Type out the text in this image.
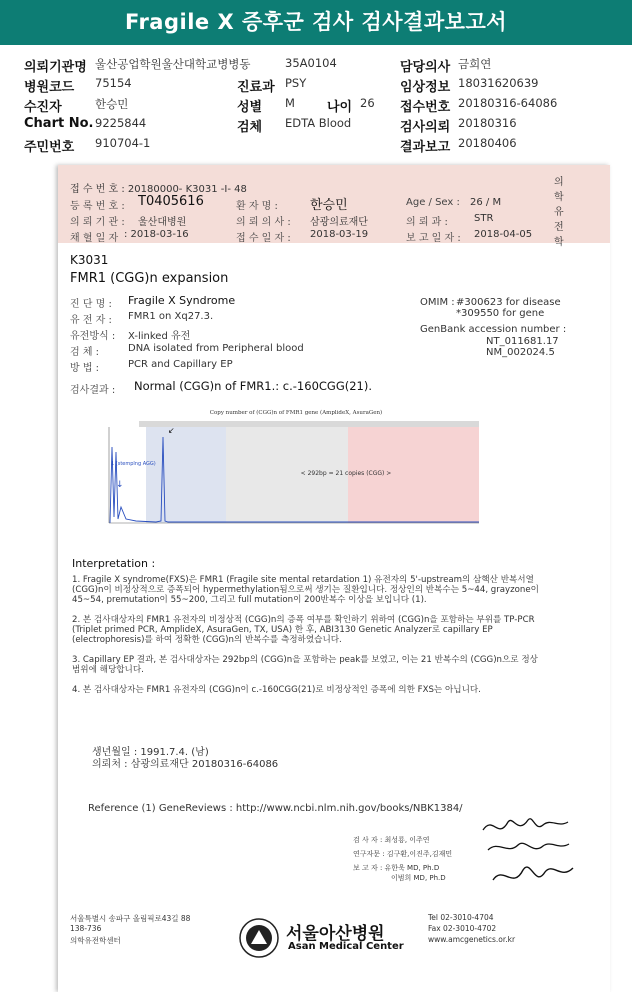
Fragile X 증후군 검사 검사결과보고서
의뢰기관명 울산공업학원울산대학교병병동	35A0104	담당의사 금희연
병원코드 75154	진료과 PSY	임상정보 18031620639
수진자	한승민	성별 M 나이 26 접수번호 20180316-64086
Chart No. 9225844	검체 EDTA Blood	검사의뢰 20180316
주민번호 910704-1	결과보고 20180406
접 수 번 호 : 20180000- K3031 -I- 48
의학유전학
등 록 번 호 : T0405616	환 자 명 : 한승민	Age / Sex : 26 / M
의 뢰 기 관 : 울산대병원	의 뢰 의 사 : 삼광의료재단	의 뢰 과 :	STR
채 혈 일 자 : 2018-03-16	접 수 일 자 : 2018-03-19	보 고 일 자 : 2018-04-05
K3031
FMR1 (CGG)n expansion
진 단 명 : Fragile X Syndrome
유 전 자 : FMR1 on Xq27.3.
유전방식 : X-linked 유전
검 체 :	DNA isolated from Peripheral blood
방 법 :	PCR and Capillary EP
OMIM : #300623 for disease
*309550 for gene
GenBank accession number :
NT_011681.17
NM_002024.5
검사결과 : Normal (CGG)n of FMR1.: c.-160CGG(21).
Copy number of (CGG)n of FMR1 gene (AmplideX, AsuraGen)
1 (stemplng AGG)
↓
↙
< 292bp = 21 copies (CGG) >
Interpretation :

1. Fragile X syndrome(FXS)은 FMR1 (Fragile site mental retardation 1) 유전자의 5'-upstream의 삼핵산 반복서열 (CGG)n이 비정상적으로 증폭되어 hypermethylation됨으로써 생기는 질환입니다. 정상인의 반복수는 5~44, grayzone이 45~54, premutation이 55~200, 그리고 full mutation이 200반복수 이상을 보입니다 (1).

2. 본 검사대상자의 FMR1 유전자의 비정상적 (CGG)n의 증폭 여부를 확인하기 위하여 (CGG)n을 포함하는 부위를 TP-PCR (Triplet primed PCR, AmplideX, AsuraGen, TX, USA) 한 후, ABI3130 Genetic Analyzer로 capillary EP (electrophoresis)를 하여 정확한 (CGG)n의 반복수를 측정하였습니다.

3. Capillary EP 결과, 본 검사대상자는 292bp의 (CGG)n을 포함하는 peak를 보였고, 이는 21 반복수의 (CGG)n으로 정상범위에 해당합니다.

4. 본 검사대상자는 FMR1 유전자의 (CGG)n이 c.-160CGG(21)로 비정상적인 증폭에 의한 FXS는 아닙니다.

생년월일 : 1991.7.4. (남)
의뢰처 : 삼광의료재단 20180316-64086
Reference (1) GeneReviews : http://www.ncbi.nlm.nih.gov/books/NBK1384/
검 사 자 : 최성룡, 이주연
연구자문 : 김구환,이진주,김재민
보 고 자 : 유한욱 MD, Ph.D
이범희 MD, Ph.D
서울특별시 송파구 올림픽로43길 88
138-736
의학유전학센터	서울아산병원
Asan Medical Center
Tel 02-3010-4704
Fax 02-3010-4702
www.amcgenetics.or.kr
